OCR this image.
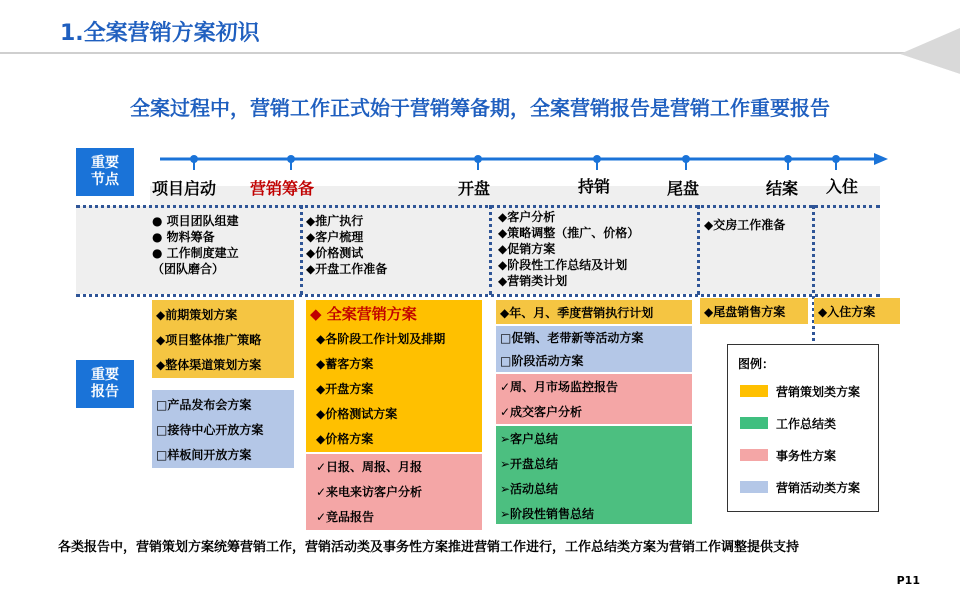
1.全案营销方案初识
全案过程中，营销工作正式始于营销筹备期，全案营销报告是营销工作重要报告
重要
节点
重要
报告
项目启动 营销筹备	开盘	持销	尾盘	结案 入住
● 项目团队组建
● 物料筹备
● 工作制度建立
（团队磨合）
◆推广执行
◆客户梳理
◆价格测试
◆开盘工作准备
◆客户分析
◆策略调整（推广、价格）
◆促销方案
◆阶段性工作总结及计划
◆营销类计划
◆交房工作准备
◆前期策划方案
◆项目整体推广策略
◆整体渠道策划方案
□产品发布会方案
□接待中心开放方案
□样板间开放方案
◆ 全案营销方案
◆各阶段工作计划及排期
◆蓄客方案
◆开盘方案
◆价格测试方案
◆价格方案
✓日报、周报、月报
✓来电来访客户分析
✓竞品报告
◆年、月、季度营销执行计划
□促销、老带新等活动方案
□阶段活动方案
✓周、月市场监控报告
✓成交客户分析
➢客户总结
➢开盘总结
➢活动总结
➢阶段性销售总结
◆尾盘销售方案	◆入住方案
图例：
营销策划类方案
工作总结类
事务性方案
营销活动类方案
各类报告中，营销策划方案统筹营销工作，营销活动类及事务性方案推进营销工作进行，工作总结类方案为营销工作调整提供支持
P11
